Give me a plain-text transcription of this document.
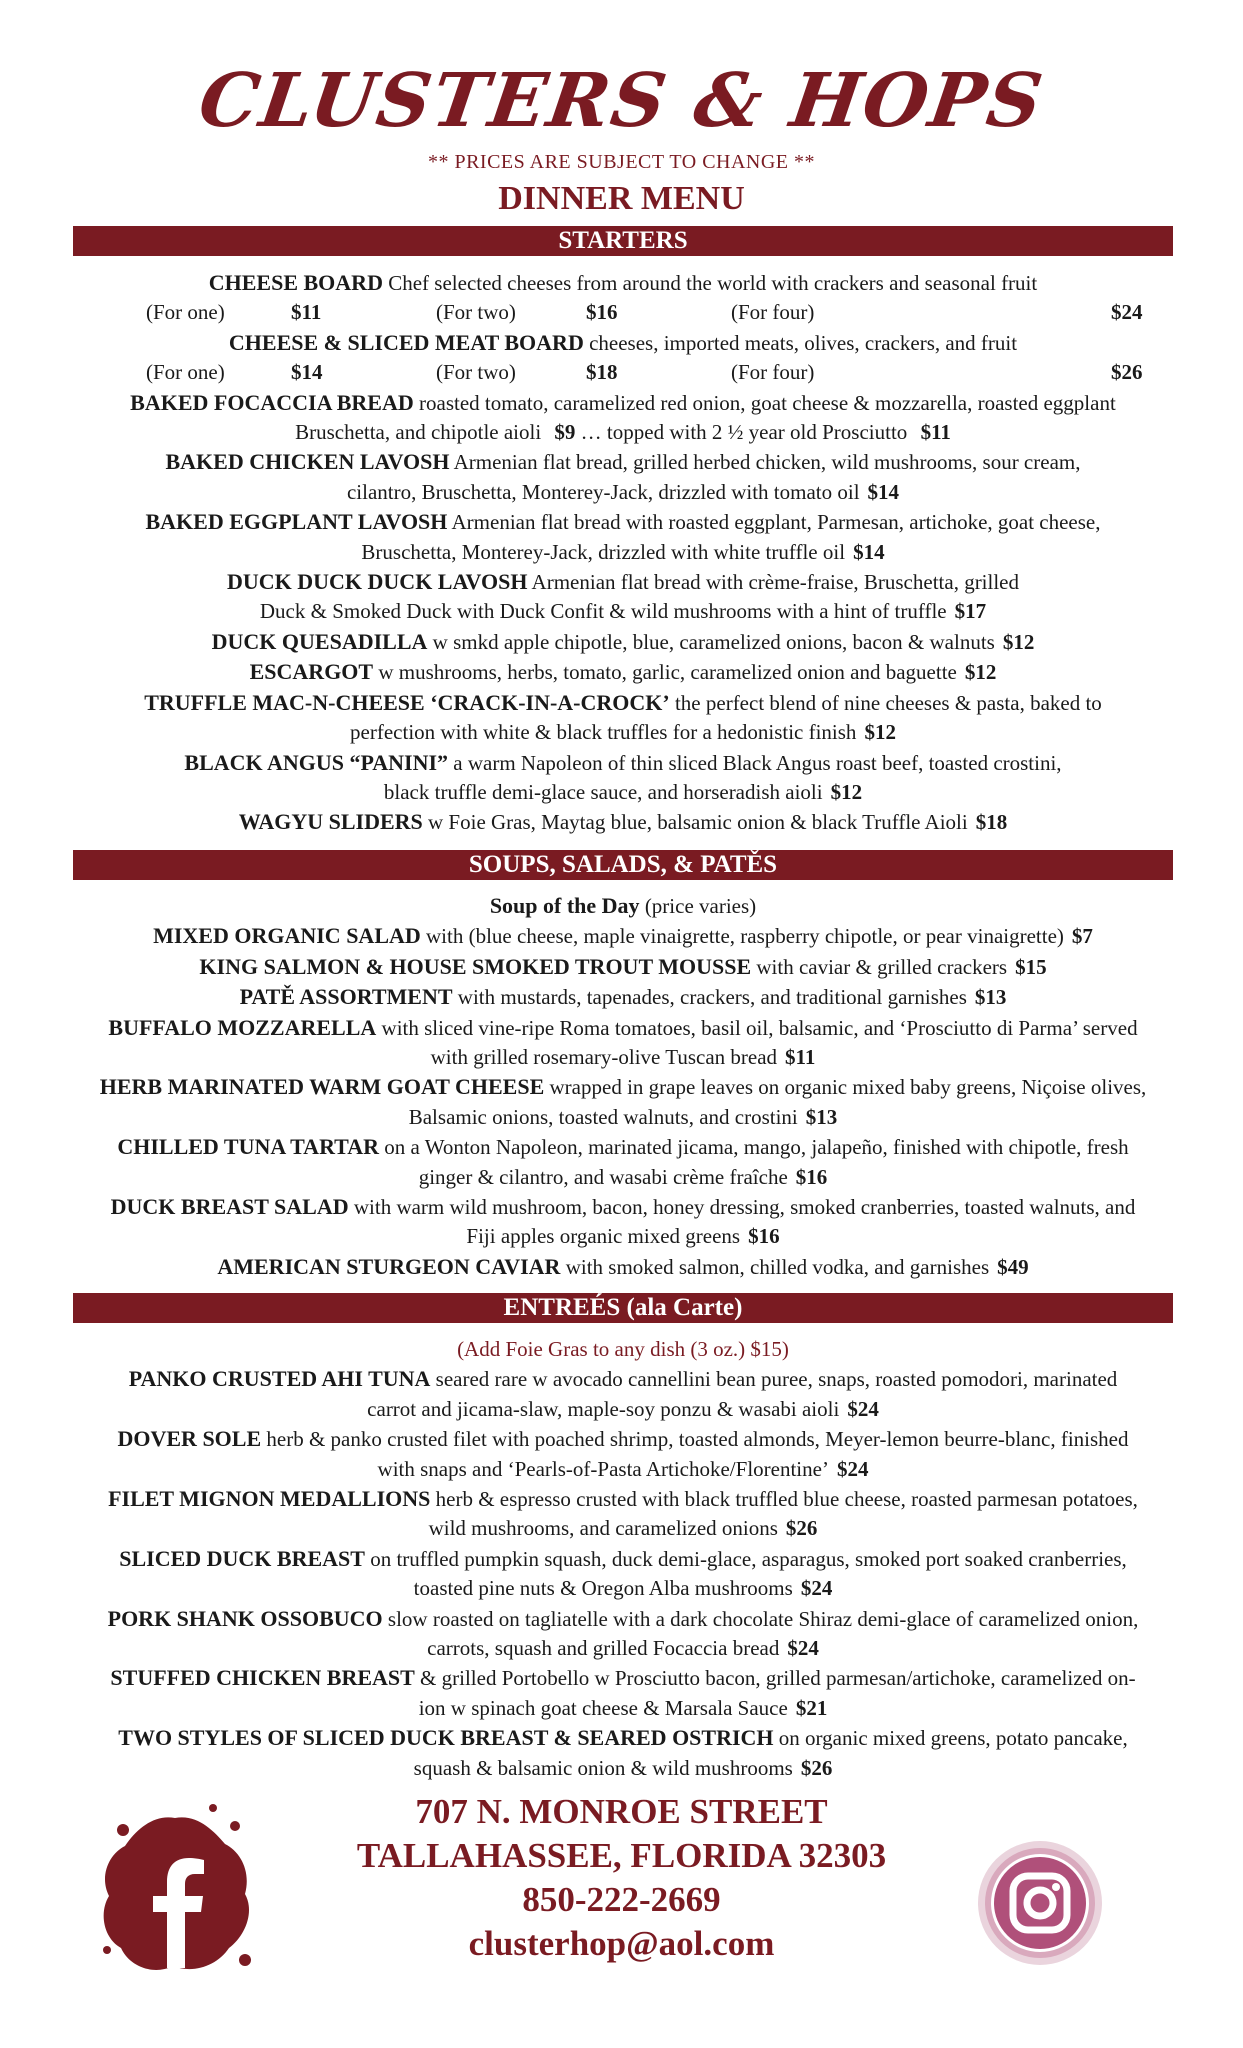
CLUSTERS & HOPS
** PRICES ARE SUBJECT TO CHANGE **
DINNER MENU
STARTERS
CHEESE BOARD Chef selected cheeses from around the world with crackers and seasonal fruit
(For one)	$11	(For two)	$16	(For four)	$24
CHEESE & SLICED MEAT BOARD cheeses, imported meats, olives, crackers, and fruit
(For one)	$14	(For two)	$18	(For four)	$26
BAKED FOCACCIA BREAD roasted tomato, caramelized red onion, goat cheese & mozzarella, roasted eggplant
Bruschetta, and chipotle aioli $9 … topped with 2 ½ year old Prosciutto $11
BAKED CHICKEN LAVOSH Armenian flat bread, grilled herbed chicken, wild mushrooms, sour cream,
cilantro, Bruschetta, Monterey-Jack, drizzled with tomato oil $14
BAKED EGGPLANT LAVOSH Armenian flat bread with roasted eggplant, Parmesan, artichoke, goat cheese,
Bruschetta, Monterey-Jack, drizzled with white truffle oil $14
DUCK DUCK DUCK LAVOSH Armenian flat bread with crème-fraise, Bruschetta, grilled
Duck & Smoked Duck with Duck Confit & wild mushrooms with a hint of truffle $17
DUCK QUESADILLA w smkd apple chipotle, blue, caramelized onions, bacon & walnuts $12
ESCARGOT w mushrooms, herbs, tomato, garlic, caramelized onion and baguette $12
TRUFFLE MAC-N-CHEESE ‘CRACK-IN-A-CROCK’ the perfect blend of nine cheeses & pasta, baked to
perfection with white & black truffles for a hedonistic finish $12
BLACK ANGUS “PANINI” a warm Napoleon of thin sliced Black Angus roast beef, toasted crostini,
black truffle demi-glace sauce, and horseradish aioli $12
WAGYU SLIDERS w Foie Gras, Maytag blue, balsamic onion & black Truffle Aioli $18
SOUPS, SALADS, & PATĚS
Soup of the Day (price varies)
MIXED ORGANIC SALAD with (blue cheese, maple vinaigrette, raspberry chipotle, or pear vinaigrette) $7
KING SALMON & HOUSE SMOKED TROUT MOUSSE with caviar & grilled crackers $15
PATĚ ASSORTMENT with mustards, tapenades, crackers, and traditional garnishes $13
BUFFALO MOZZARELLA with sliced vine-ripe Roma tomatoes, basil oil, balsamic, and ‘Prosciutto di Parma’ served
with grilled rosemary-olive Tuscan bread $11
HERB MARINATED WARM GOAT CHEESE wrapped in grape leaves on organic mixed baby greens, Niçoise olives,
Balsamic onions, toasted walnuts, and crostini $13
CHILLED TUNA TARTAR on a Wonton Napoleon, marinated jicama, mango, jalapeño, finished with chipotle, fresh
ginger & cilantro, and wasabi crème fraîche $16
DUCK BREAST SALAD with warm wild mushroom, bacon, honey dressing, smoked cranberries, toasted walnuts, and
Fiji apples organic mixed greens $16
AMERICAN STURGEON CAVIAR with smoked salmon, chilled vodka, and garnishes $49
ENTREÉS (ala Carte)
(Add Foie Gras to any dish (3 oz.) $15)
PANKO CRUSTED AHI TUNA seared rare w avocado cannellini bean puree, snaps, roasted pomodori, marinated
carrot and jicama-slaw, maple-soy ponzu & wasabi aioli $24
DOVER SOLE herb & panko crusted filet with poached shrimp, toasted almonds, Meyer-lemon beurre-blanc, finished
with snaps and ‘Pearls-of-Pasta Artichoke/Florentine’ $24
FILET MIGNON MEDALLIONS herb & espresso crusted with black truffled blue cheese, roasted parmesan potatoes,
wild mushrooms, and caramelized onions $26
SLICED DUCK BREAST on truffled pumpkin squash, duck demi-glace, asparagus, smoked port soaked cranberries,
toasted pine nuts & Oregon Alba mushrooms $24
PORK SHANK OSSOBUCO slow roasted on tagliatelle with a dark chocolate Shiraz demi-glace of caramelized onion,
carrots, squash and grilled Focaccia bread $24
STUFFED CHICKEN BREAST & grilled Portobello w Prosciutto bacon, grilled parmesan/artichoke, caramelized on-
ion w spinach goat cheese & Marsala Sauce $21
TWO STYLES OF SLICED DUCK BREAST & SEARED OSTRICH on organic mixed greens, potato pancake,
squash & balsamic onion & wild mushrooms $26
707 N. MONROE STREET
TALLAHASSEE, FLORIDA 32303
850-222-2669
clusterhop@aol.com
